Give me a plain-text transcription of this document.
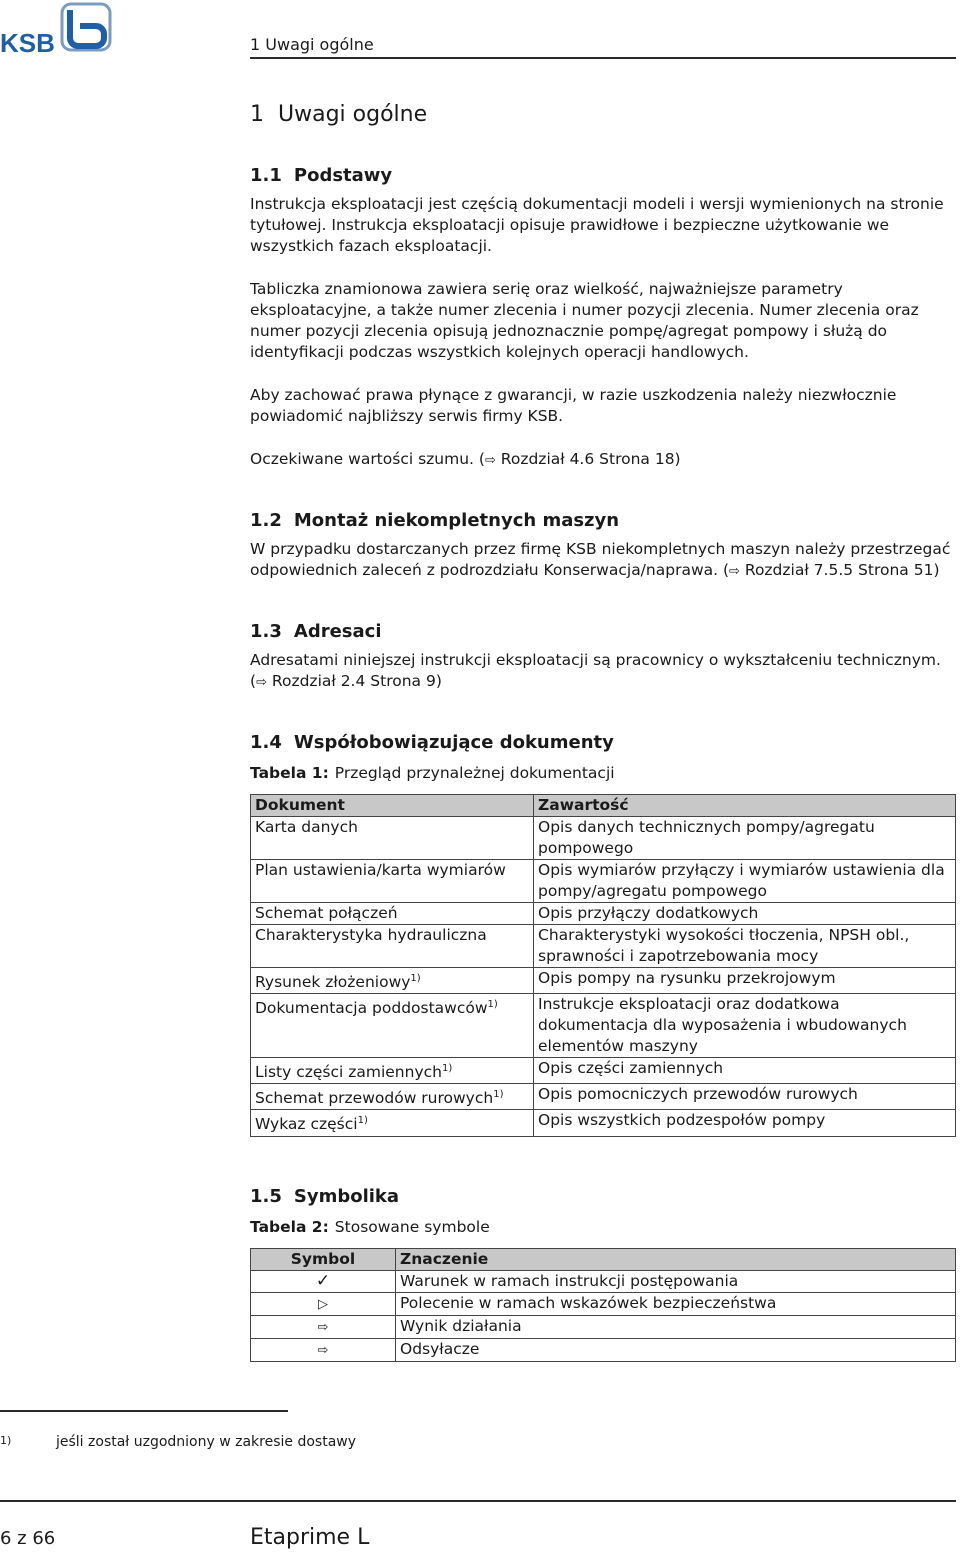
KSB	1 Uwagi ogólne
1 Uwagi ogólne
1.1 Podstawy

Instrukcja eksploatacji jest częścią dokumentacji modeli i wersji wymienionych na stronie tytułowej. Instrukcja eksploatacji opisuje prawidłowe i bezpieczne użytkowanie we wszystkich fazach eksploatacji.

Tabliczka znamionowa zawiera serię oraz wielkość, najważniejsze parametry eksploatacyjne, a także numer zlecenia i numer pozycji zlecenia. Numer zlecenia oraz numer pozycji zlecenia opisują jednoznacznie pompę/agregat pompowy i służą do identyfikacji podczas wszystkich kolejnych operacji handlowych.

Aby zachować prawa płynące z gwarancji, w razie uszkodzenia należy niezwłocznie powiadomić najbliższy serwis firmy KSB.

Oczekiwane wartości szumu. (⇨ Rozdział 4.6 Strona 18)

1.2 Montaż niekompletnych maszyn

W przypadku dostarczanych przez firmę KSB niekompletnych maszyn należy przestrzegać odpowiednich zaleceń z podrozdziału Konserwacja/naprawa. (⇨ Rozdział 7.5.5 Strona 51)

1.3 Adresaci

Adresatami niniejszej instrukcji eksploatacji są pracownicy o wykształceniu technicznym. (⇨ Rozdział 2.4 Strona 9)

1.4 Współobowiązujące dokumenty
Tabela 1: Przegląd przynależnej dokumentacji
Dokument	Zawartość
Karta danych	Opis danych technicznych pompy/agregatu pompowego
Plan ustawienia/karta wymiarów	Opis wymiarów przyłączy i wymiarów ustawienia dla pompy/agregatu pompowego
Schemat połączeń	Opis przyłączy dodatkowych
Charakterystyka hydrauliczna	Charakterystyki wysokości tłoczenia, NPSH obl., sprawności i zapotrzebowania mocy
Rysunek złożeniowy$^{1)}$	Opis pompy na rysunku przekrojowym
Dokumentacja poddostawców$^{1)}$	Instrukcje eksploatacji oraz dodatkowa dokumentacja dla wyposażenia i wbudowanych elementów maszyny
Listy części zamiennych$^{1)}$	Opis części zamiennych
Schemat przewodów rurowych$^{1)}$	Opis pomocniczych przewodów rurowych
Wykaz części$^{1)}$	Opis wszystkich podzespołów pompy
1.5 Symbolika
Tabela 2: Stosowane symbole
Symbol	Znaczenie
✓	Warunek w ramach instrukcji postępowania
▷	Polecenie w ramach wskazówek bezpieczeństwa
⇨	Wynik działania
⇨	Odsyłacze
1)	jeśli został uzgodniony w zakresie dostawy
6 z 66	Etaprime L
